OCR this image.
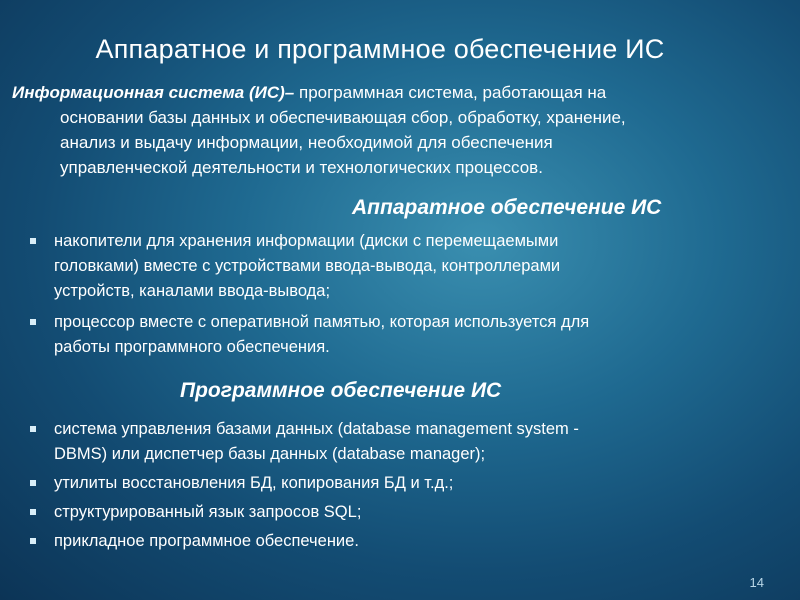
Аппаратное и программное обеспечение ИС
Информационная система (ИС)– программная система, работающая на
основании базы данных и обеспечивающая сбор, обработку, хранение,
анализ и выдачу информации, необходимой для обеспечения
управленческой деятельности и технологических процессов.
Аппаратное обеспечение ИС
накопители для хранения информации (диски с перемещаемыми
головками) вместе с устройствами ввода-вывода, контроллерами
устройств, каналами ввода-вывода;
процессор вместе с оперативной памятью, которая используется для
работы программного обеспечения.
Программное обеспечение ИС
система управления базами данных (database management system -
DBMS) или диспетчер базы данных (database manager);
утилиты восстановления БД, копирования БД и т.д.;
структурированный язык запросов SQL;
прикладное программное обеспечение.
14
